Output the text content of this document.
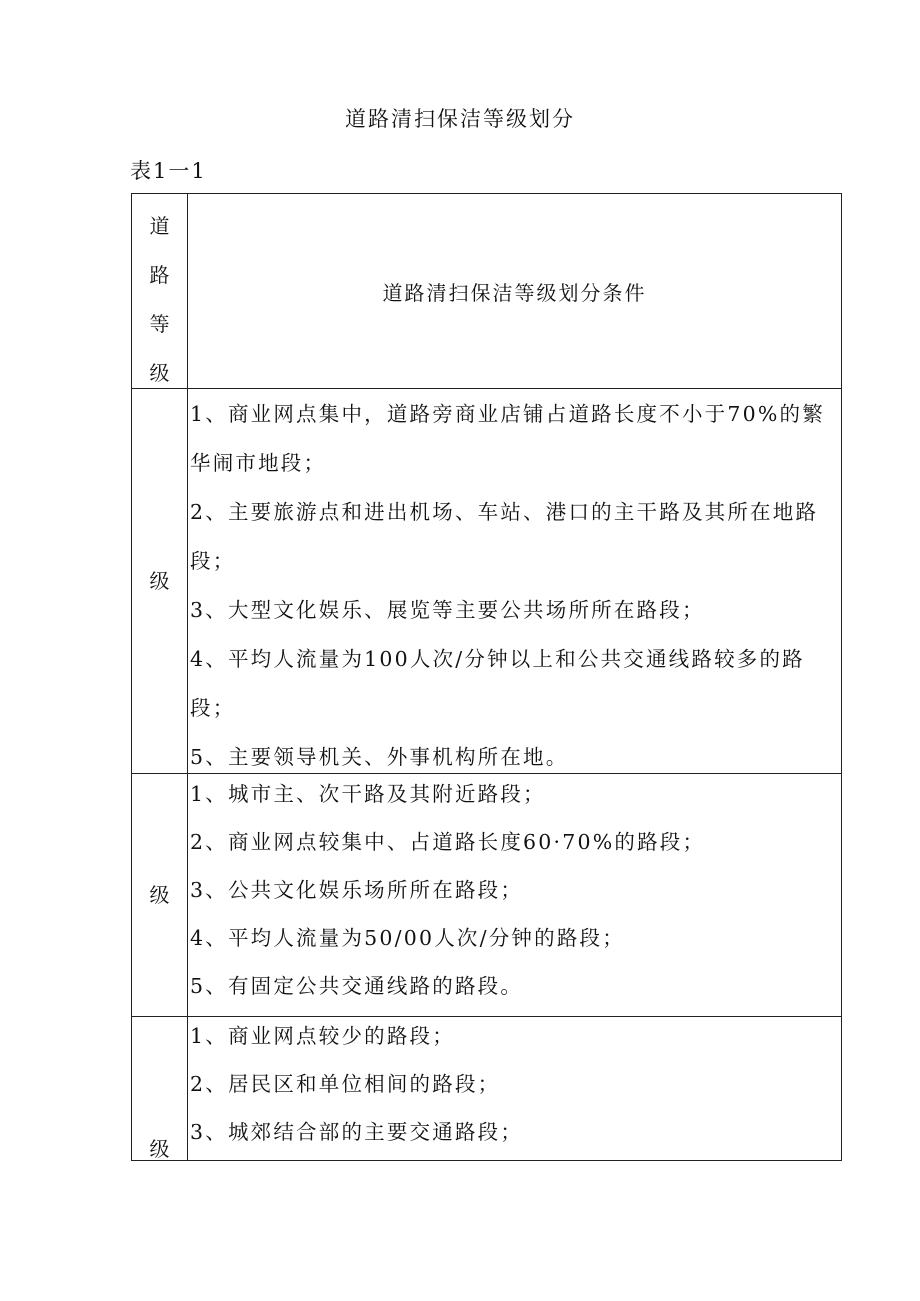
道路清扫保洁等级划分
表1一1
道
路
等
级
道路清扫保洁等级划分条件
级
1、商业网点集中，道路旁商业店铺占道路长度不小于70%的繁
华闹市地段；
2、主要旅游点和进出机场、车站、港口的主干路及其所在地路
段；
3、大型文化娱乐、展览等主要公共场所所在路段；
4、平均人流量为100人次/分钟以上和公共交通线路较多的路
段；
5、主要领导机关、外事机构所在地。
级
1、城市主、次干路及其附近路段；
2、商业网点较集中、占道路长度60·70%的路段；
3、公共文化娱乐场所所在路段；
4、平均人流量为50/00人次/分钟的路段；
5、有固定公共交通线路的路段。
级
1、商业网点较少的路段；
2、居民区和单位相间的路段；
3、城郊结合部的主要交通路段；
